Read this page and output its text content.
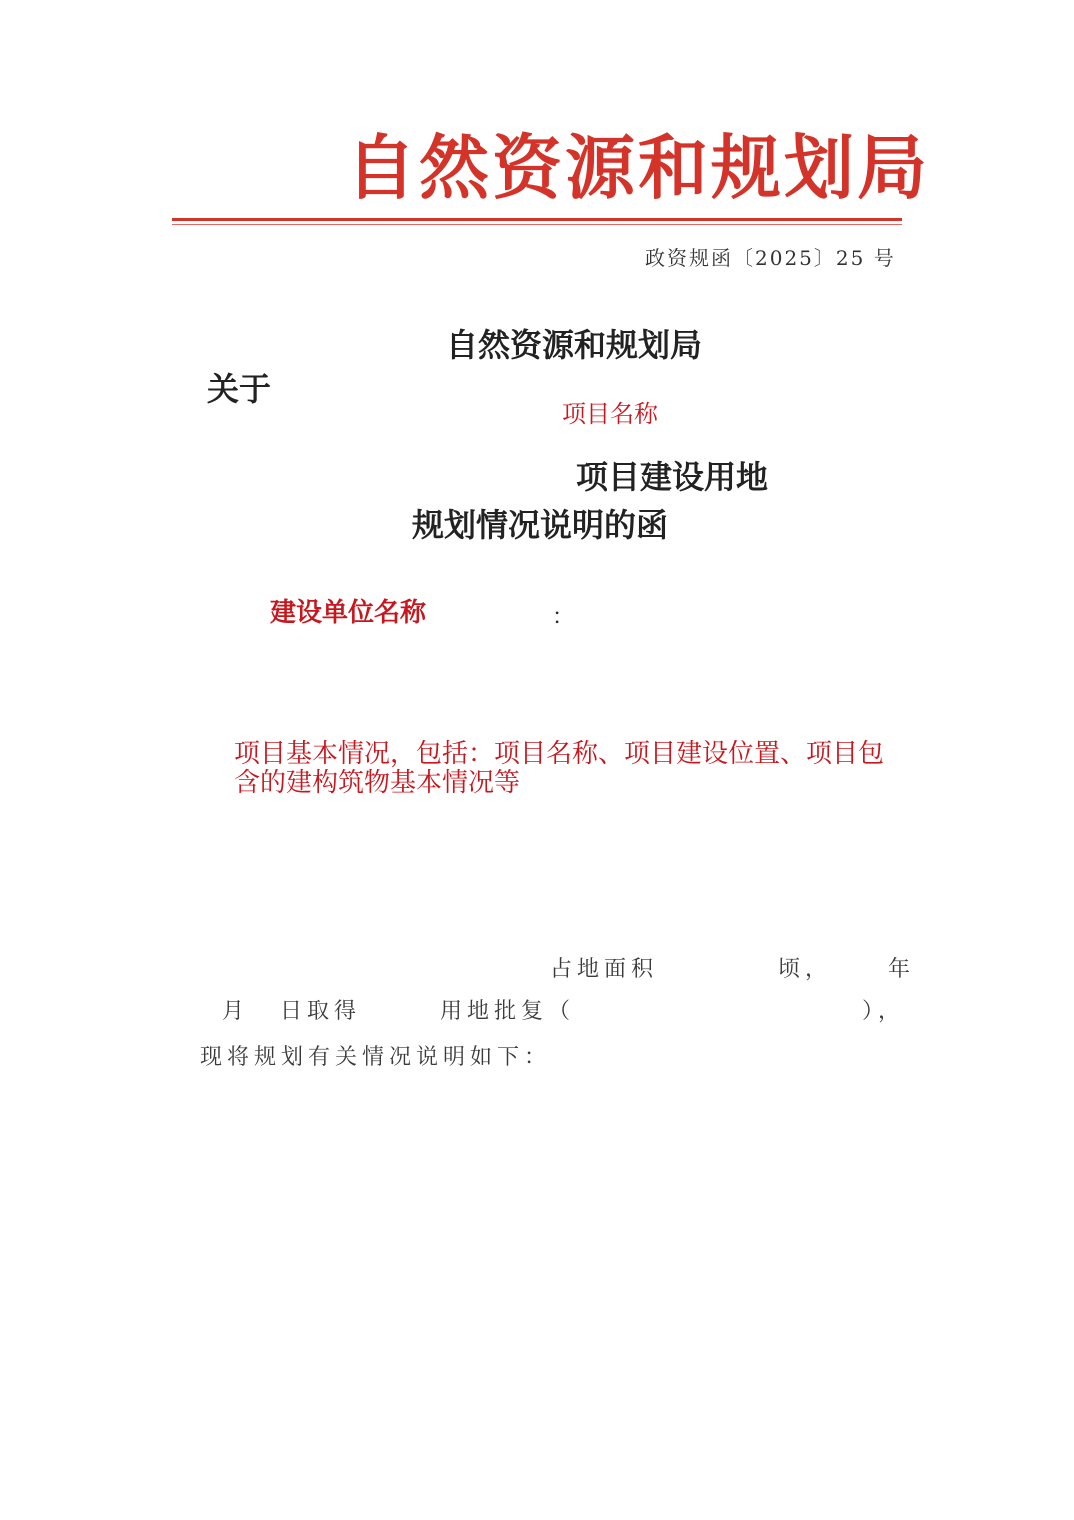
自然资源和规划局
政资规函〔2025〕25 号
自然资源和规划局
关于
项目名称
项目建设用地
规划情况说明的函
建设单位名称	：
项目基本情况，包括：项目名称、项目建设位置、项目包含的建构筑物基本情况等
占地面积	顷，	年
月 日取得	用地批复（	），
现将规划有关情况说明如下：
